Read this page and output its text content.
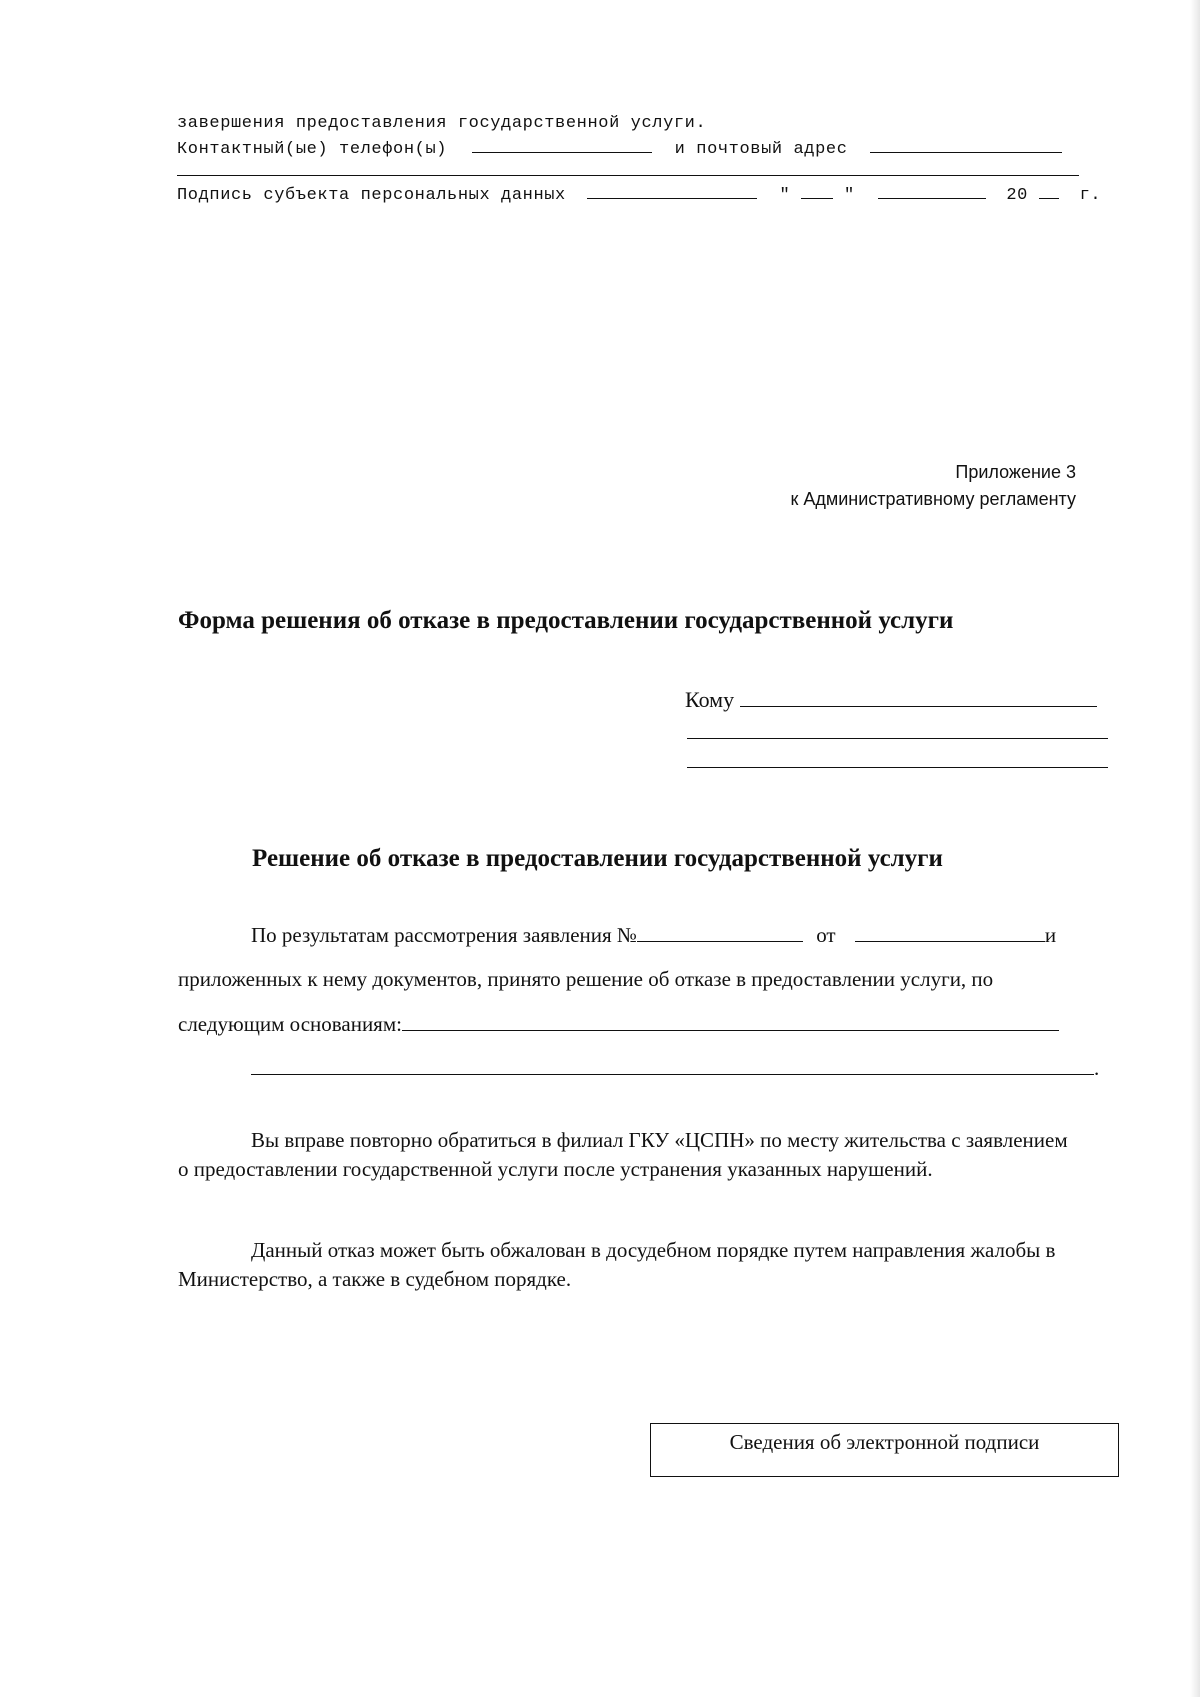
завершения предоставления государственной услуги.
Контактный(ые) телефон(ы)	и почтовый адрес
Подпись субъекта персональных данных	"	"	20	г.
Приложение 3
к Административному регламенту
Форма решения об отказе в предоставлении государственной услуги
Кому
Решение об отказе в предоставлении государственной услуги
По результатам рассмотрения заявления №	от	и
приложенных к нему документов, принято решение об отказе в предоставлении услуги, по
следующим основаниям:
.
Вы вправе повторно обратиться в филиал ГКУ «ЦСПН» по месту жительства с заявлением о предоставлении государственной услуги после устранения указанных нарушений.
Данный отказ может быть обжалован в досудебном порядке путем направления жалобы в Министерство, а также в судебном порядке.
Сведения об электронной подписи
